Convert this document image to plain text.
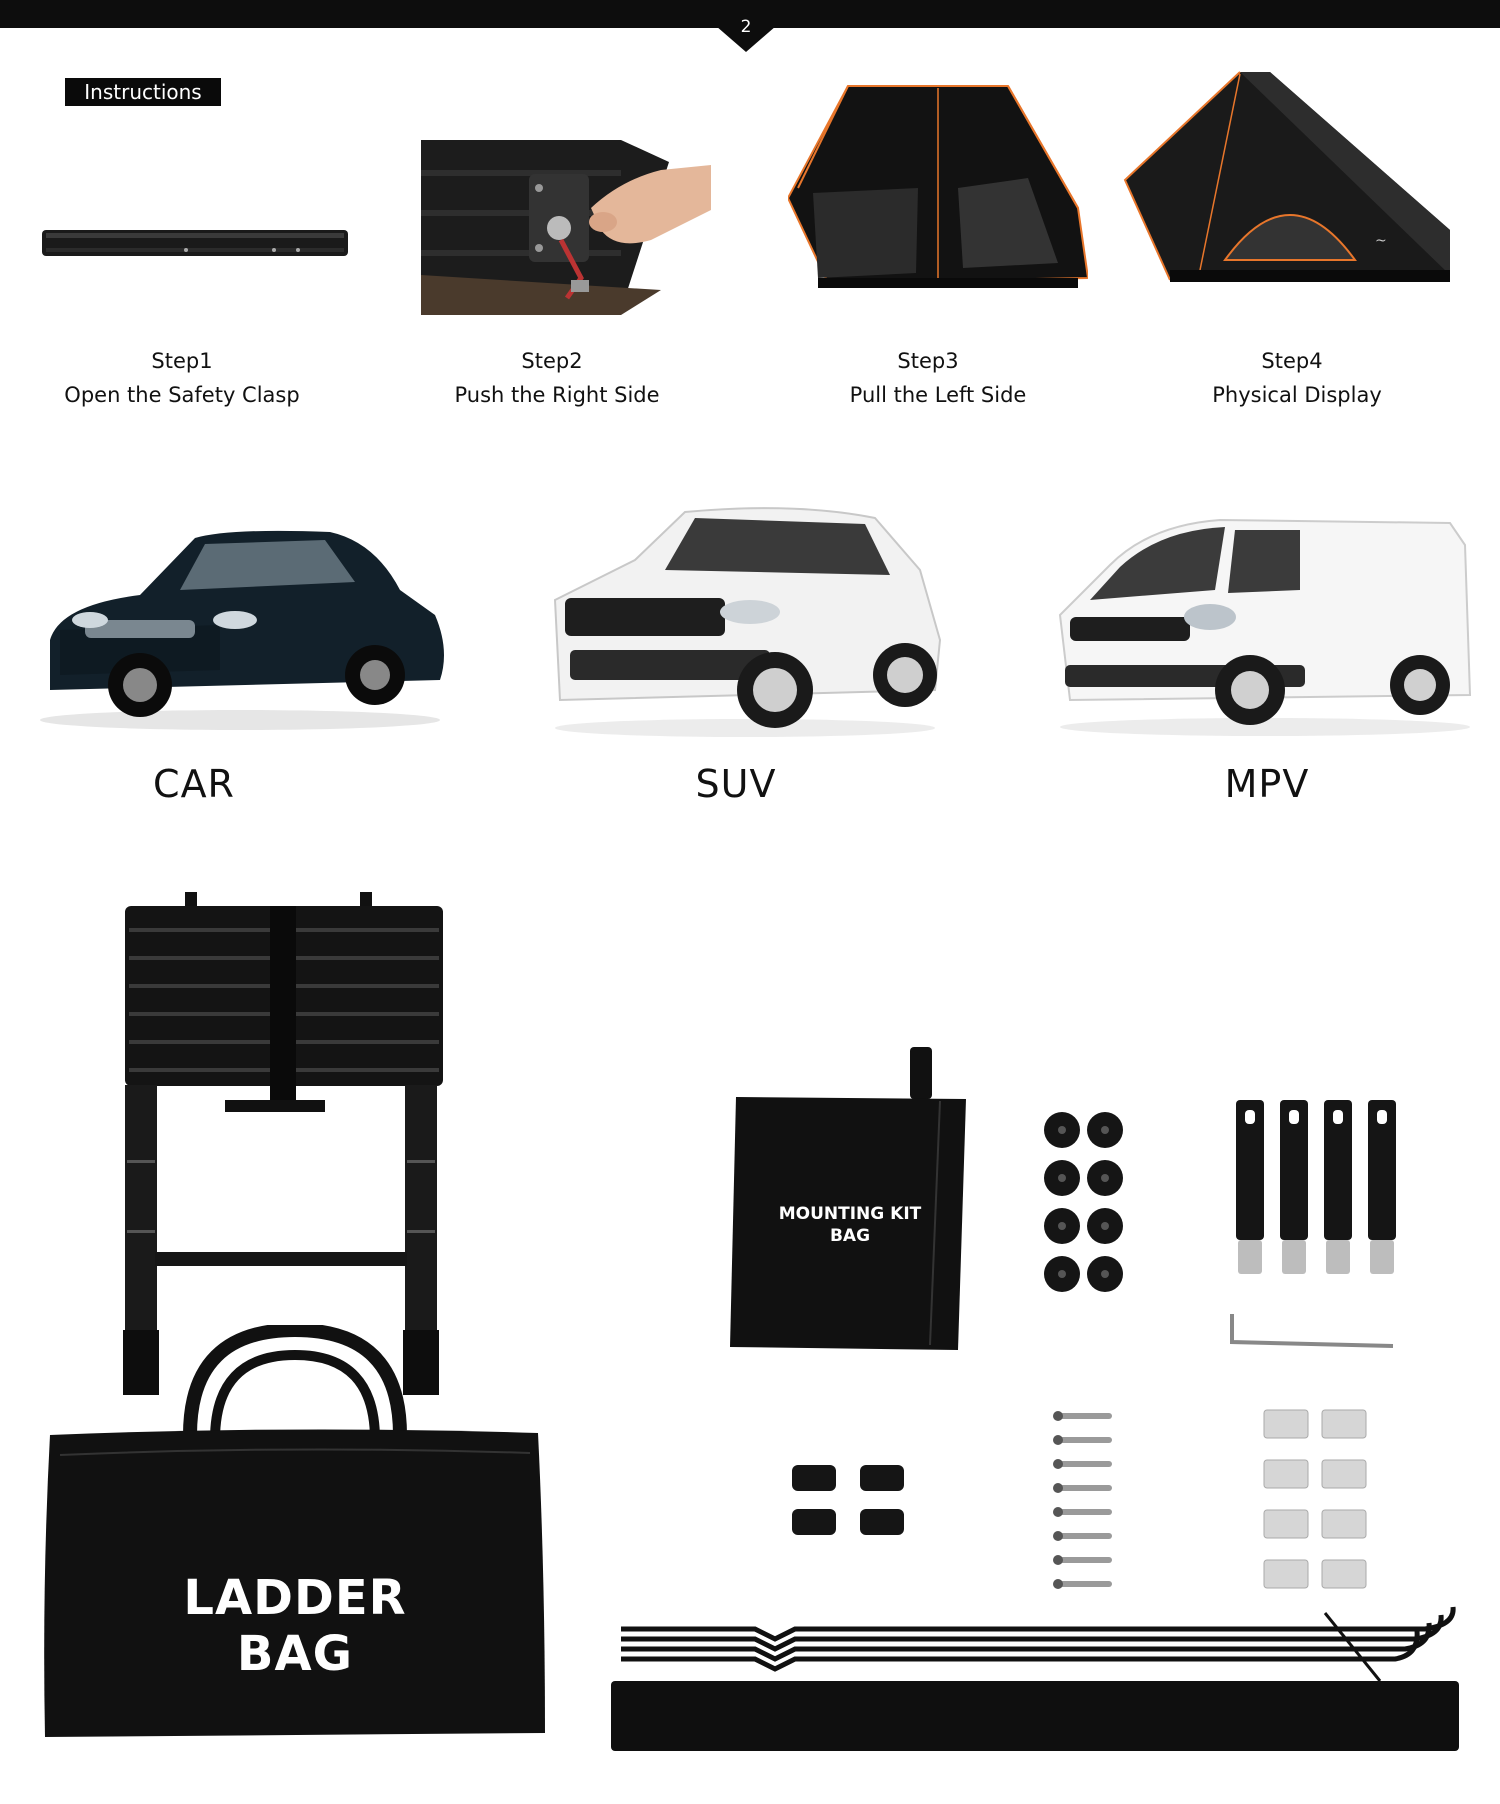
2
Instructions
~
Step1
Open the Safety Clasp
Step2
Push the Right Side
Step3
Pull the Left Side
Step4
Physical Display
CAR	SUV	MPV
LADDER BAG
MOUNTING KIT
BAG
